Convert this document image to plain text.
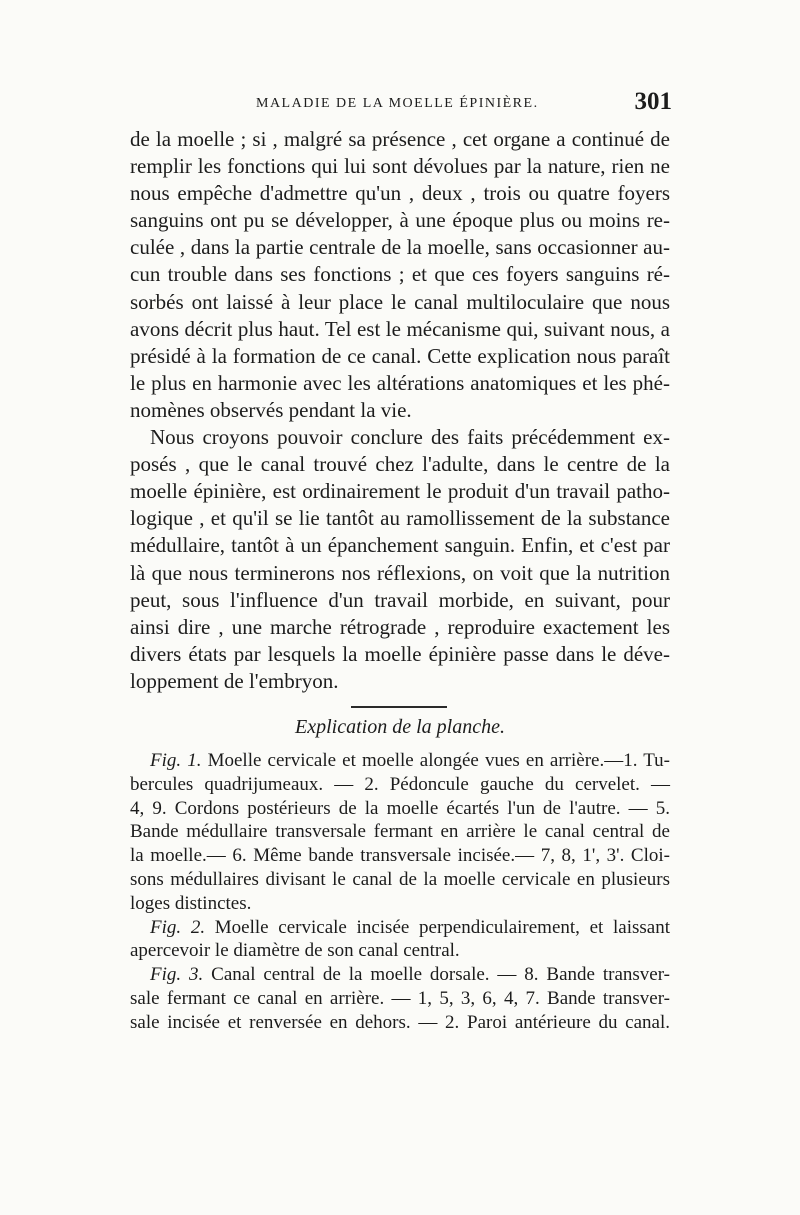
MALADIE DE LA MOELLE ÉPINIÈRE.	301

de la moelle ; si , malgré sa présence , cet organe a continué de
remplir les fonctions qui lui sont dévolues par la nature, rien ne
nous empêche d'admettre qu'un , deux , trois ou quatre foyers
sanguins ont pu se développer, à une époque plus ou moins re-
culée , dans la partie centrale de la moelle, sans occasionner au-
cun trouble dans ses fonctions ; et que ces foyers sanguins ré-
sorbés ont laissé à leur place le canal multiloculaire que nous
avons décrit plus haut. Tel est le mécanisme qui, suivant nous, a
présidé à la formation de ce canal. Cette explication nous paraît
le plus en harmonie avec les altérations anatomiques et les phé-
nomènes observés pendant la vie.

Nous croyons pouvoir conclure des faits précédemment ex-
posés , que le canal trouvé chez l'adulte, dans le centre de la
moelle épinière, est ordinairement le produit d'un travail patho-
logique , et qu'il se lie tantôt au ramollissement de la substance
médullaire, tantôt à un épanchement sanguin. Enfin, et c'est par
là que nous terminerons nos réflexions, on voit que la nutrition
peut, sous l'influence d'un travail morbide, en suivant, pour
ainsi dire , une marche rétrograde , reproduire exactement les
divers états par lesquels la moelle épinière passe dans le déve-
loppement de l'embryon.

Explication de la planche.

Fig. 1. Moelle cervicale et moelle alongée vues en arrière.—1. Tu-
bercules quadrijumeaux. — 2. Pédoncule gauche du cervelet. —
4, 9. Cordons postérieurs de la moelle écartés l'un de l'autre. — 5.
Bande médullaire transversale fermant en arrière le canal central de
la moelle.— 6. Même bande transversale incisée.— 7, 8, 1', 3'. Cloi-
sons médullaires divisant le canal de la moelle cervicale en plusieurs
loges distinctes.

Fig. 2. Moelle cervicale incisée perpendiculairement, et laissant
apercevoir le diamètre de son canal central.

Fig. 3. Canal central de la moelle dorsale. — 8. Bande transver-
sale fermant ce canal en arrière. — 1, 5, 3, 6, 4, 7. Bande transver-
sale incisée et renversée en dehors. — 2. Paroi antérieure du canal.
